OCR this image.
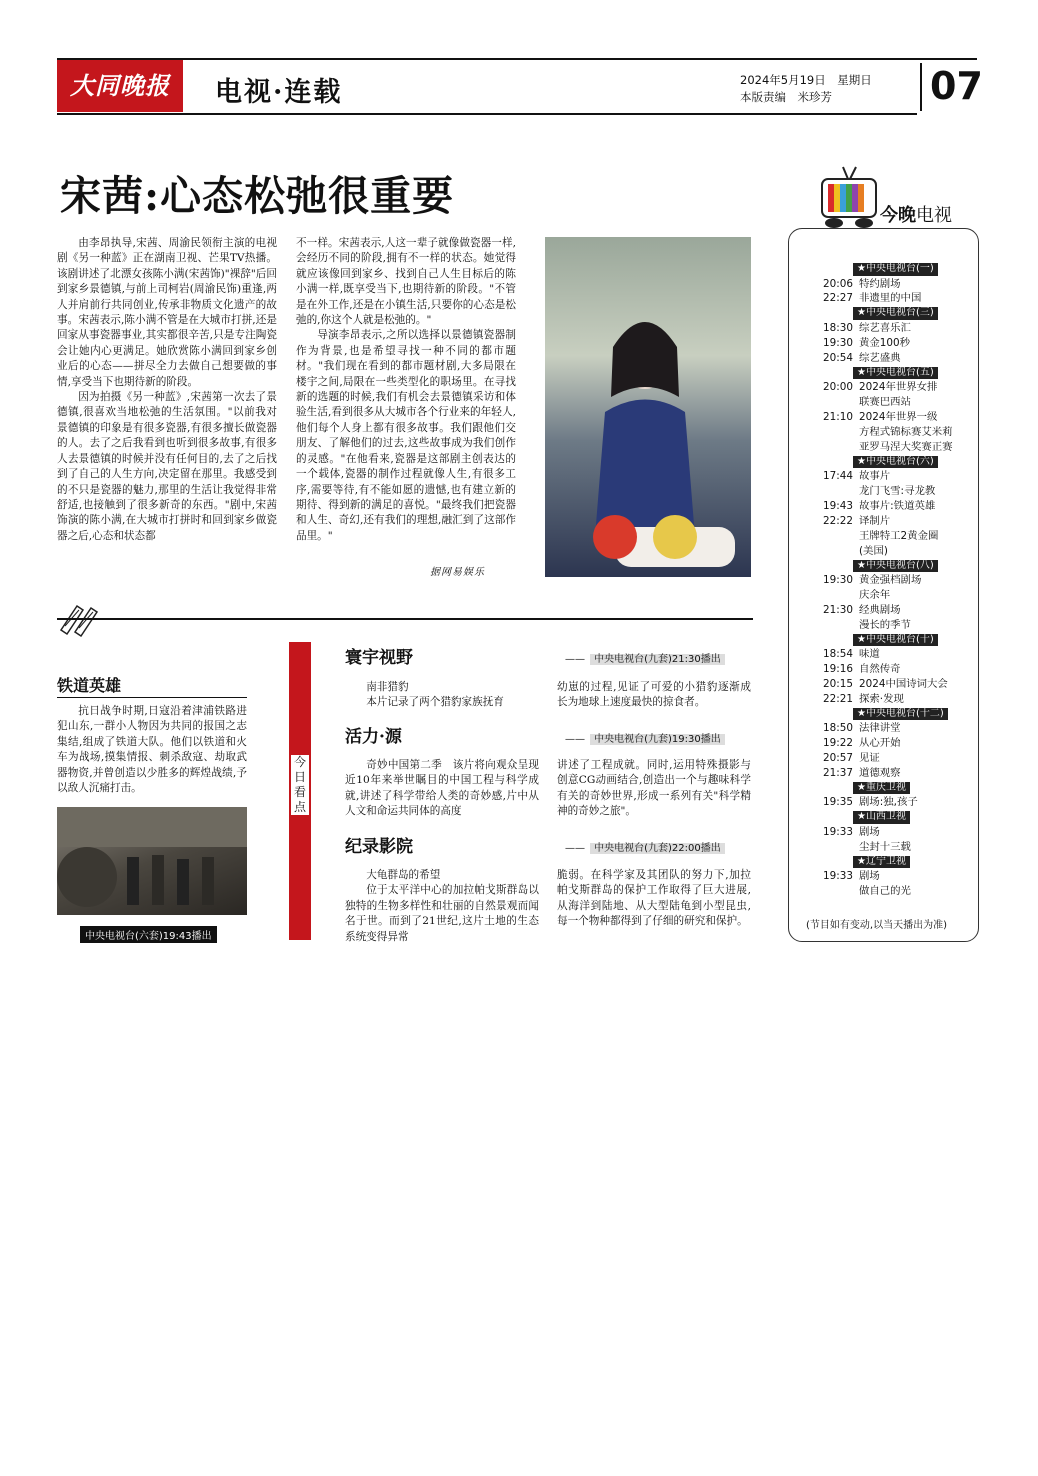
大同晚报	电视·连载	2024年5月19日　星期日
本版责编　米珍芳	07
宋茜:心态松弛很重要

由李昂执导,宋茜、周渝民领衔主演的电视剧《另一种蓝》正在湖南卫视、芒果TV热播。该剧讲述了北漂女孩陈小满(宋茜饰)"裸辞"后回到家乡景德镇,与前上司柯岩(周渝民饰)重逢,两人并肩前行共同创业,传承非物质文化遗产的故事。宋茜表示,陈小满不管是在大城市打拼,还是回家从事瓷器事业,其实都很辛苦,只是专注陶瓷会让她内心更满足。她欣赏陈小满回到家乡创业后的心态——拼尽全力去做自己想要做的事情,享受当下也期待新的阶段。

因为拍摄《另一种蓝》,宋茜第一次去了景德镇,很喜欢当地松弛的生活氛围。"以前我对景德镇的印象是有很多瓷器,有很多擅长做瓷器的人。去了之后我看到也听到很多故事,有很多人去景德镇的时候并没有任何目的,去了之后找到了自己的人生方向,决定留在那里。我感受到的不只是瓷器的魅力,那里的生活让我觉得非常舒适,也接触到了很多新奇的东西。"剧中,宋茜饰演的陈小满,在大城市打拼时和回到家乡做瓷器之后,心态和状态都

不一样。宋茜表示,人这一辈子就像做瓷器一样,会经历不同的阶段,拥有不一样的状态。她觉得就应该像回到家乡、找到自己人生目标后的陈小满一样,既享受当下,也期待新的阶段。"不管是在外工作,还是在小镇生活,只要你的心态是松弛的,你这个人就是松弛的。"

导演李昂表示,之所以选择以景德镇瓷器制作为背景,也是希望寻找一种不同的都市题材。"我们现在看到的都市题材剧,大多局限在楼宇之间,局限在一些类型化的职场里。在寻找新的选题的时候,我们有机会去景德镇采访和体验生活,看到很多从大城市各个行业来的年轻人,他们每个人身上都有很多故事。我们跟他们交朋友、了解他们的过去,这些故事成为我们创作的灵感。"在他看来,瓷器是这部剧主创表达的一个载体,瓷器的制作过程就像人生,有很多工序,需要等待,有不能如愿的遗憾,也有建立新的期待、得到新的满足的喜悦。"最终我们把瓷器和人生、奇幻,还有我们的理想,融汇到了这部作品里。"

据网易娱乐
今晚电视
★中央电视台(一)
20:06 特约剧场
22:27 非遗里的中国
★中央电视台(三)
18:30 综艺喜乐汇
19:30 黄金100秒
20:54 综艺盛典
★中央电视台(五)
20:00 2024年世界女排
联赛巴西站
21:10 2024年世界一级
方程式锦标赛艾米莉
亚罗马涅大奖赛正赛
★中央电视台(六)
17:44 故事片
龙门飞雪:寻龙教
19:43 故事片:铁道英雄
22:22 译制片
王牌特工2黄金圈
(美国)
★中央电视台(八)
19:30 黄金强档剧场
庆余年
21:30 经典剧场
漫长的季节
★中央电视台(十)
18:54 味道
19:16 自然传奇
20:15 2024中国诗词大会
22:21 探索·发现
★中央电视台(十二)
18:50 法律讲堂
19:22 从心开始
20:57 见证
21:37 道德观察
★重庆卫视
19:35 剧场:独,孩子
★山西卫视
19:33 剧场
尘封十三载
★辽宁卫视
19:33 剧场
做自己的光
(节目如有变动,以当天播出为准)
铁道英雄

抗日战争时期,日寇沿着津浦铁路进犯山东,一群小人物因为共同的报国之志集结,组成了铁道大队。他们以铁道和火车为战场,摸集情报、刺杀敌寇、劫取武器物资,并曾创造以少胜多的辉煌战绩,予以敌人沉痛打击。

中央电视台(六套)19:43播出
今日看点
寰宇视野	—— 中央电视台(九套)21:30播出

南非猎豹

本片记录了两个猎豹家族抚育

幼崽的过程,见证了可爱的小猎豹逐渐成长为地球上速度最快的掠食者。

活力·源	—— 中央电视台(九套)19:30播出

奇妙中国第二季　该片将向观众呈现近10年来举世瞩目的中国工程与科学成就,讲述了科学带给人类的奇妙感,片中从人文和命运共同体的高度

讲述了工程成就。同时,运用特殊摄影与创意CG动画结合,创造出一个与趣味科学有关的奇妙世界,形成一系列有关"科学精神的奇妙之旅"。

纪录影院	—— 中央电视台(九套)22:00播出

大龟群岛的希望

位于太平洋中心的加拉帕戈斯群岛以独特的生物多样性和壮丽的自然景观而闻名于世。而到了21世纪,这片土地的生态系统变得异常

脆弱。在科学家及其团队的努力下,加拉帕戈斯群岛的保护工作取得了巨大进展,从海洋到陆地、从大型陆龟到小型昆虫,每一个物种都得到了仔细的研究和保护。
